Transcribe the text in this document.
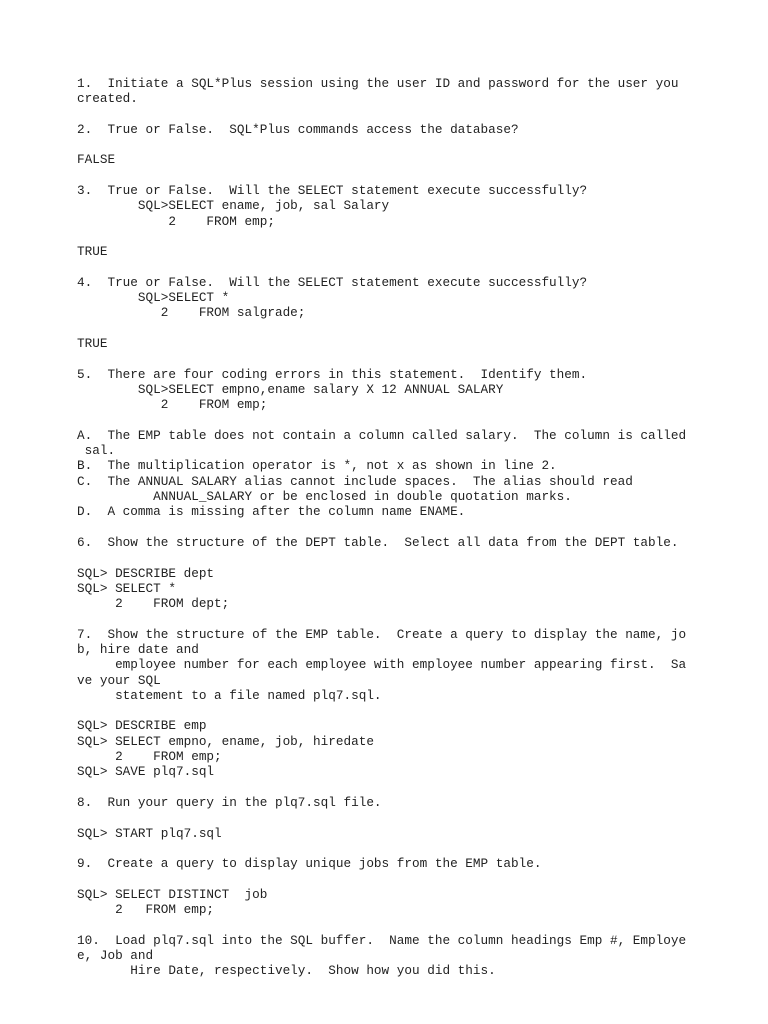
1.  Initiate a SQL*Plus session using the user ID and password for the user you
created.
2.  True or False.  SQL*Plus commands access the database?
FALSE
3.  True or False.  Will the SELECT statement execute successfully?
SQL>SELECT ename, job, sal Salary
2    FROM emp;
TRUE
4.  True or False.  Will the SELECT statement execute successfully?
SQL>SELECT *
2    FROM salgrade;
TRUE
5.  There are four coding errors in this statement.  Identify them.
SQL>SELECT empno,ename salary X 12 ANNUAL SALARY
2    FROM emp;
A.  The EMP table does not contain a column called salary.  The column is called
sal.
B.  The multiplication operator is *, not x as shown in line 2.
C.  The ANNUAL SALARY alias cannot include spaces.  The alias should read
ANNUAL_SALARY or be enclosed in double quotation marks.
D.  A comma is missing after the column name ENAME.
6.  Show the structure of the DEPT table.  Select all data from the DEPT table.
SQL> DESCRIBE dept
SQL> SELECT *
2    FROM dept;
7.  Show the structure of the EMP table.  Create a query to display the name, jo
b, hire date and
employee number for each employee with employee number appearing first.  Sa
ve your SQL
statement to a file named plq7.sql.
SQL> DESCRIBE emp
SQL> SELECT empno, ename, job, hiredate
2    FROM emp;
SQL> SAVE plq7.sql
8.  Run your query in the plq7.sql file.
SQL> START plq7.sql
9.  Create a query to display unique jobs from the EMP table.
SQL> SELECT DISTINCT  job
2   FROM emp;
10.  Load plq7.sql into the SQL buffer.  Name the column headings Emp #, Employe
e, Job and
Hire Date, respectively.  Show how you did this.
